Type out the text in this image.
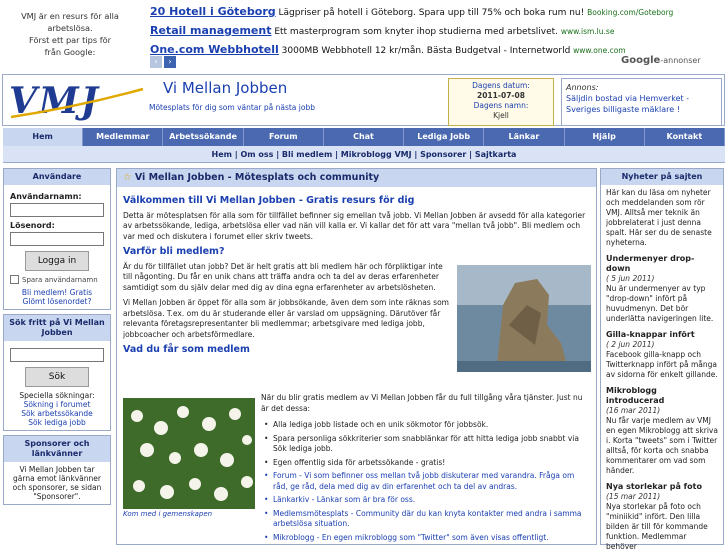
VMJ är en resurs för alla
arbetslösa.
Först ett par tips för
från Google:
20 Hotell i Göteborg Lägpriser på hotell i Göteborg. Spara upp till 75% och boka rum nu! Booking.com/Goteborg
Retail management Ett masterprogram som knyter ihop studierna med arbetslivet. www.ism.lu.se
One.com Webbhotell 3000MB Webbhotell 12 kr/mån. Bästa Budgetval - Internetworld www.one.com
‹	›	Google-annonser
VMJ	Vi Mellan Jobben
Mötesplats för dig som väntar på nästa jobb
Dagens datum:
2011-07-08
Dagens namn:
Kjell
Annons:
Säljdin bostad via Hemverket - Sveriges billigaste mäklare !
Hem	Medlemmar	Arbetssökande	Forum	Chat	Lediga Jobb	Länkar	Hjälp	Kontakt
Hem | Om oss | Bli medlem | Mikroblogg VMJ | Sponsorer | Sajtkarta
Användare
Användarnamn:
Lösenord:
Logga in
Spara användarnamn
Bli medlem! Gratis Glömt lösenordet?
Sök fritt på Vi Mellan Jobben
Sök
Speciella sökningar:
Sökning i forumet
Sök arbetssökande
Sök lediga jobb
Sponsorer och länkvänner
Vi Mellan Jobben tar gärna emot länkvänner och sponsorer, se sidan "Sponsorer".
☆ Vi Mellan Jobben - Mötesplats och community
Välkommen till Vi Mellan Jobben - Gratis resurs för dig

Detta är mötesplatsen för alla som för tillfället befinner sig emellan två jobb. Vi Mellan Jobben är avsedd för alla kategorier av arbetssökande, lediga, arbetslösa eller vad nän vill kalla er. Vi kallar det för att vara "mellan två jobb". Bli medlem och var med och diskutera i forumet eller skriv tweets.

Varför bli medlem?

Är du för tillfället utan jobb? Det är helt gratis att bli medlem här och förpliktigar inte till någonting. Du får en unik chans att träffa andra och ta del av deras erfarenheter samtidigt som du själv delar med dig av dina egna erfarenheter av arbetslösheten.

Vi Mellan Jobben är öppet för alla som är jobbsökande, även dem som inte räknas som arbetslösa. T.ex. om du är studerande eller är varslad om uppsägning. Därutöver får relevanta företagsrepresentanter bli medlemmar; arbetsgivare med lediga jobb, jobbcoacher och arbetsförmedlare.

Vad du får som medlem
Kom med i gemenskapen

När du blir gratis medlem av Vi Mellan Jobben får du full tillgång våra tjänster. Just nu är det dessa:

• Alla lediga jobb listade och en unik sökmotor för jobbsök.
• Spara personliga sökkriterier som snabblänkar för att hitta lediga jobb snabbt via Sök lediga jobb.
• Egen offentlig sida för arbetssökande - gratis!
• Forum - Vi som befinner oss mellan två jobb diskuterar med varandra. Fråga om råd, ge råd, dela med dig av din erfarenhet och ta del av andras.
• Länkarkiv - Länkar som är bra för oss.
• Medlemsmötesplats - Community där du kan knyta kontakter med andra i samma arbetslösa situation.
• Mikroblogg - En egen mikroblogg som "Twitter" som även visas offentligt.
Nyheter på sajten

Här kan du läsa om nyheter och meddelanden som rör VMJ. Alltså mer teknik än jobbrelaterat i just denna spalt. Här ser du de senaste nyheterna.

Undermenyer drop-down
( 5 jun 2011)

Nu är undermenyer av typ "drop-down" infört på huvudmenyn. Det bör underlätta navigeringen lite.

Gilla-knappar infört
( 2 jun 2011)

Facebook gilla-knapp och Twitterknapp infört på många av sidorna för enkelt gillande.

Mikroblogg introducerad
(16 mar 2011)

Nu får varje medlem av VMJ en egen Mikroblogg att skriva i. Korta "tweets" som i Twitter alltså, för korta och snabba kommentarer om vad som händer.

Nya storlekar på foto
(15 mar 2011)

Nya storlekar på foto och "miniikid" infört. Den lilla bilden är till för kommande funktion. Medlemmar behöver
